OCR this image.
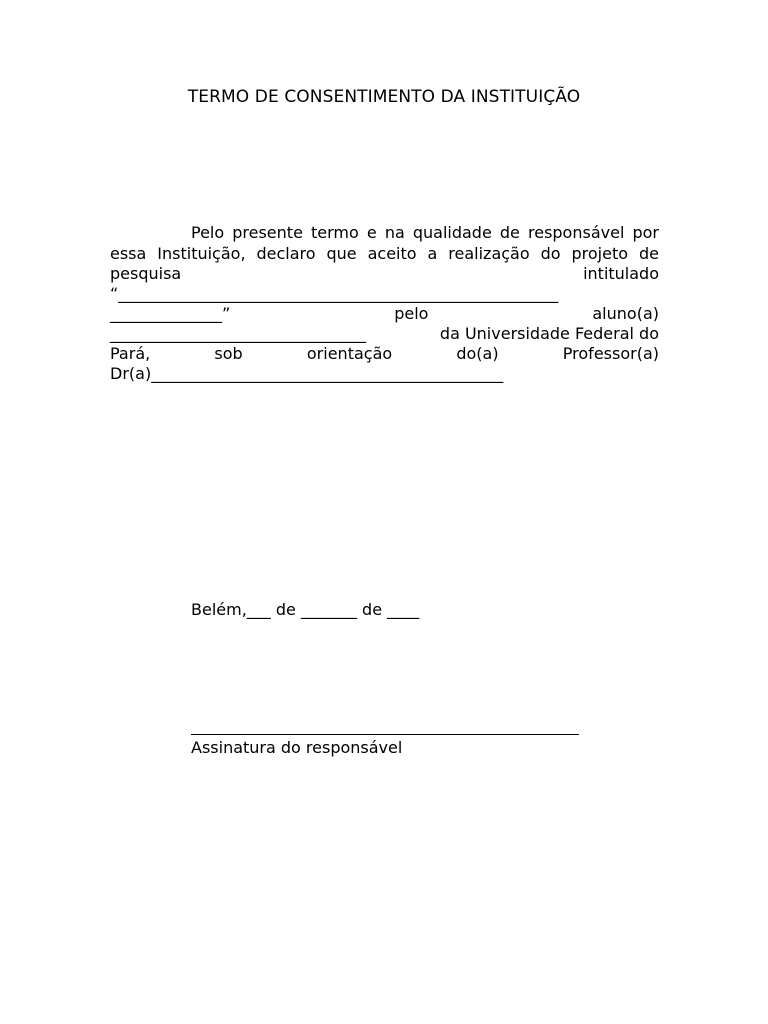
TERMO DE CONSENTIMENTO DA INSTITUIÇÃO
Pelo presente termo e na qualidade de responsável por
essa Instituição, declaro que aceito a realização do projeto de
pesquisa	intitulado
“_______________________________________________________
______________”	pelo	aluno(a)
________________________________	da Universidade Federal do
Pará,	sob	orientação	do(a)	Professor(a)
Dr(a)____________________________________________
Belém,___ de _______ de ____
Assinatura do responsável
